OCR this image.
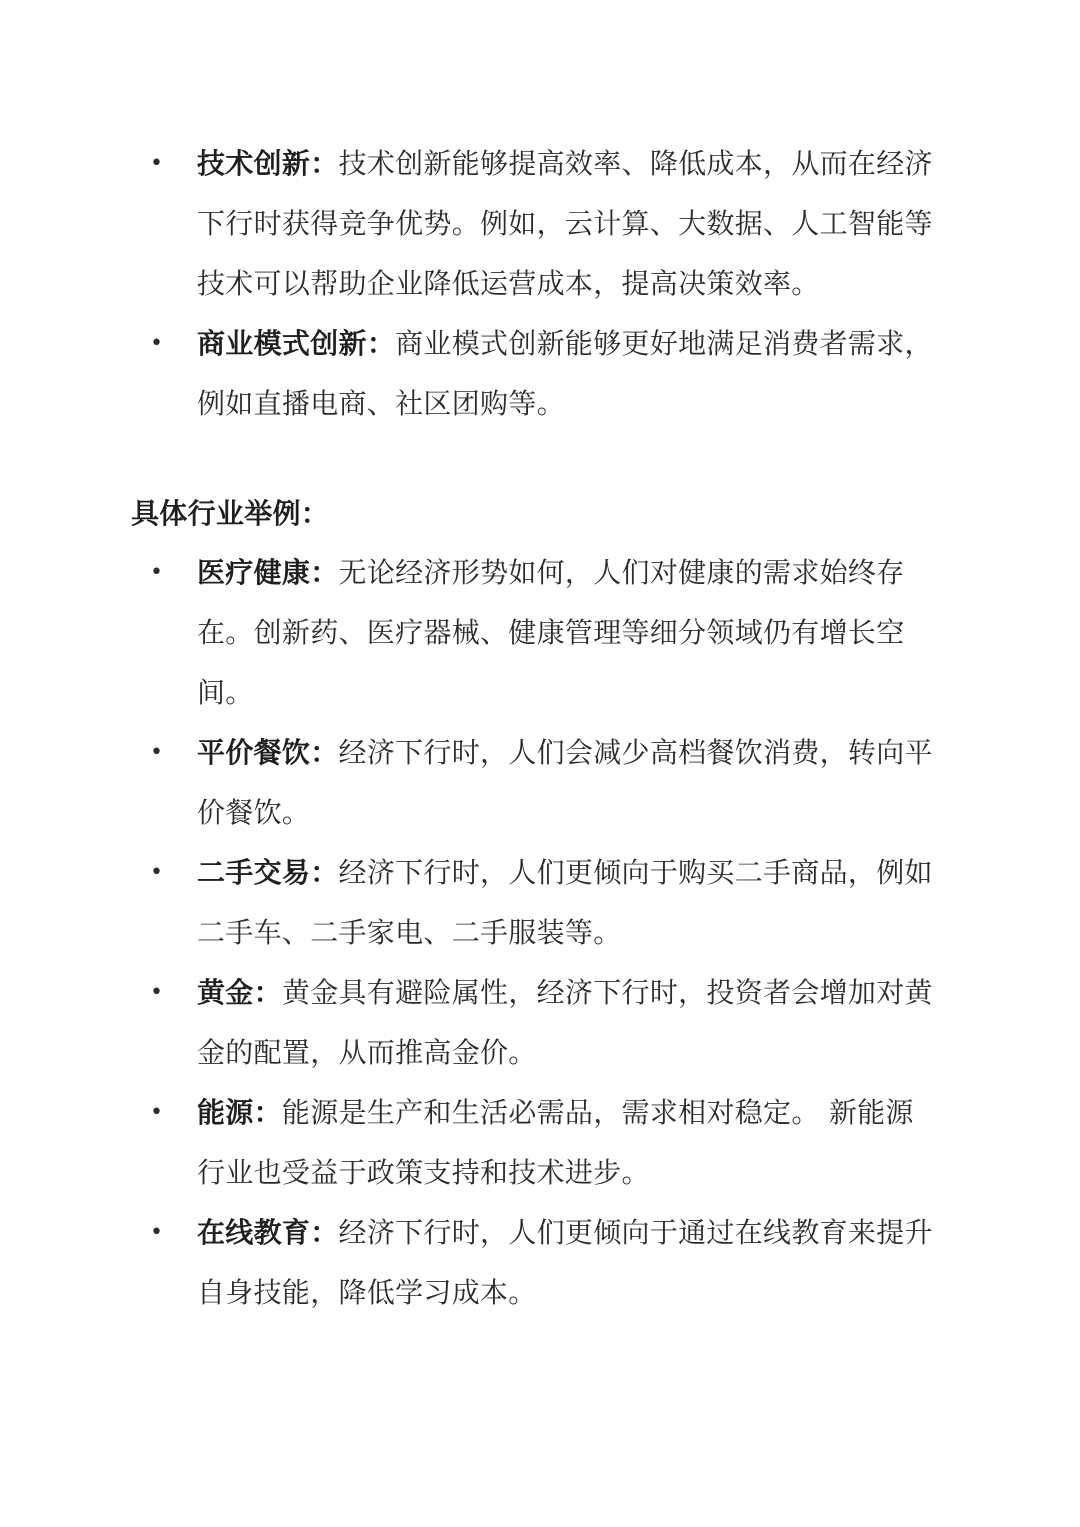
• 技术创新：技术创新能够提高效率、降低成本，从而在经济下行时获得竞争优势。例如，云计算、大数据、人工智能等技术可以帮助企业降低运营成本，提高决策效率。
• 商业模式创新：商业模式创新能够更好地满足消费者需求，例如直播电商、社区团购等。
具体行业举例：
• 医疗健康：无论经济形势如何，人们对健康的需求始终存在。创新药、医疗器械、健康管理等细分领域仍有增长空间。
• 平价餐饮：经济下行时，人们会减少高档餐饮消费，转向平价餐饮。
• 二手交易：经济下行时，人们更倾向于购买二手商品，例如二手车、二手家电、二手服装等。
• 黄金：黄金具有避险属性，经济下行时，投资者会增加对黄金的配置，从而推高金价。
• 能源：能源是生产和生活必需品，需求相对稳定。 新能源行业也受益于政策支持和技术进步。
• 在线教育：经济下行时，人们更倾向于通过在线教育来提升自身技能，降低学习成本。
